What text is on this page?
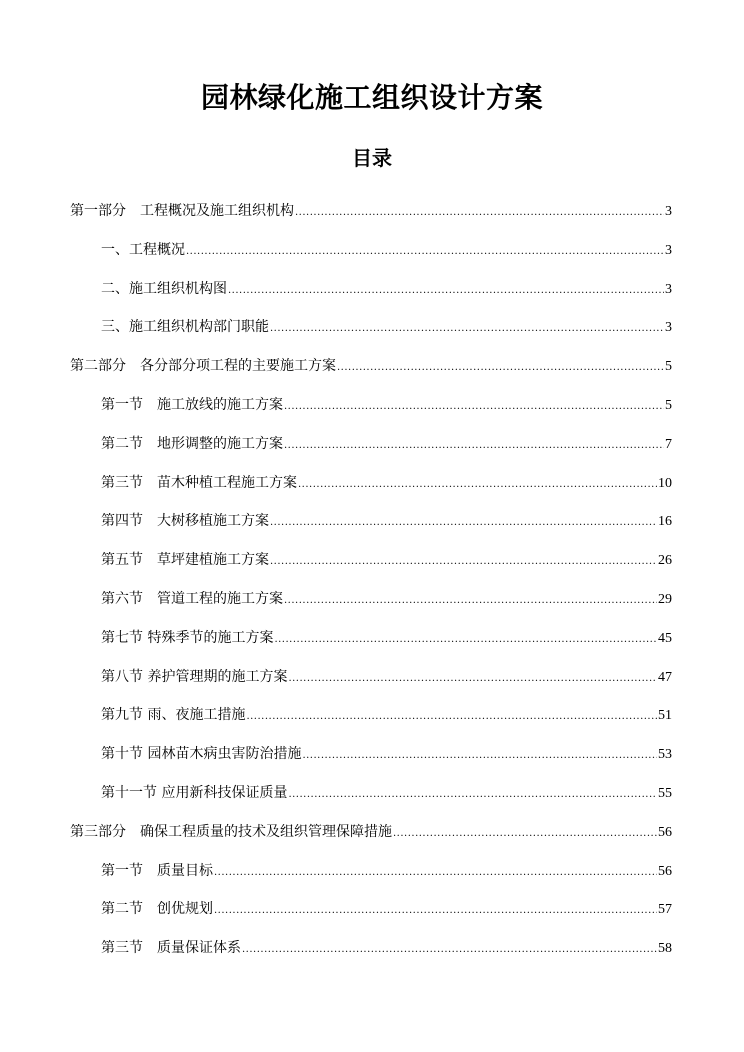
园林绿化施工组织设计方案
目录
第一部分　工程概况及施工组织机构 .....	3
一、工程概况 .....	3
二、施工组织机构图 .....	3
三、施工组织机构部门职能 .....	3
第二部分　各分部分项工程的主要施工方案 .....	5
第一节　施工放线的施工方案 .....	5
第二节　地形调整的施工方案 .....	7
第三节　苗木种植工程施工方案 .....	10
第四节　大树移植施工方案 .....	16
第五节　草坪建植施工方案 .....	26
第六节　管道工程的施工方案 .....	29
第七节 特殊季节的施工方案 .....	45
第八节 养护管理期的施工方案 .....	47
第九节 雨、夜施工措施 .....	51
第十节 园林苗木病虫害防治措施 .....	53
第十一节 应用新科技保证质量 .....	55
第三部分　确保工程质量的技术及组织管理保障措施 .....	56
第一节　质量目标 .....	56
第二节　创优规划 .....	57
第三节　质量保证体系 .....	58
